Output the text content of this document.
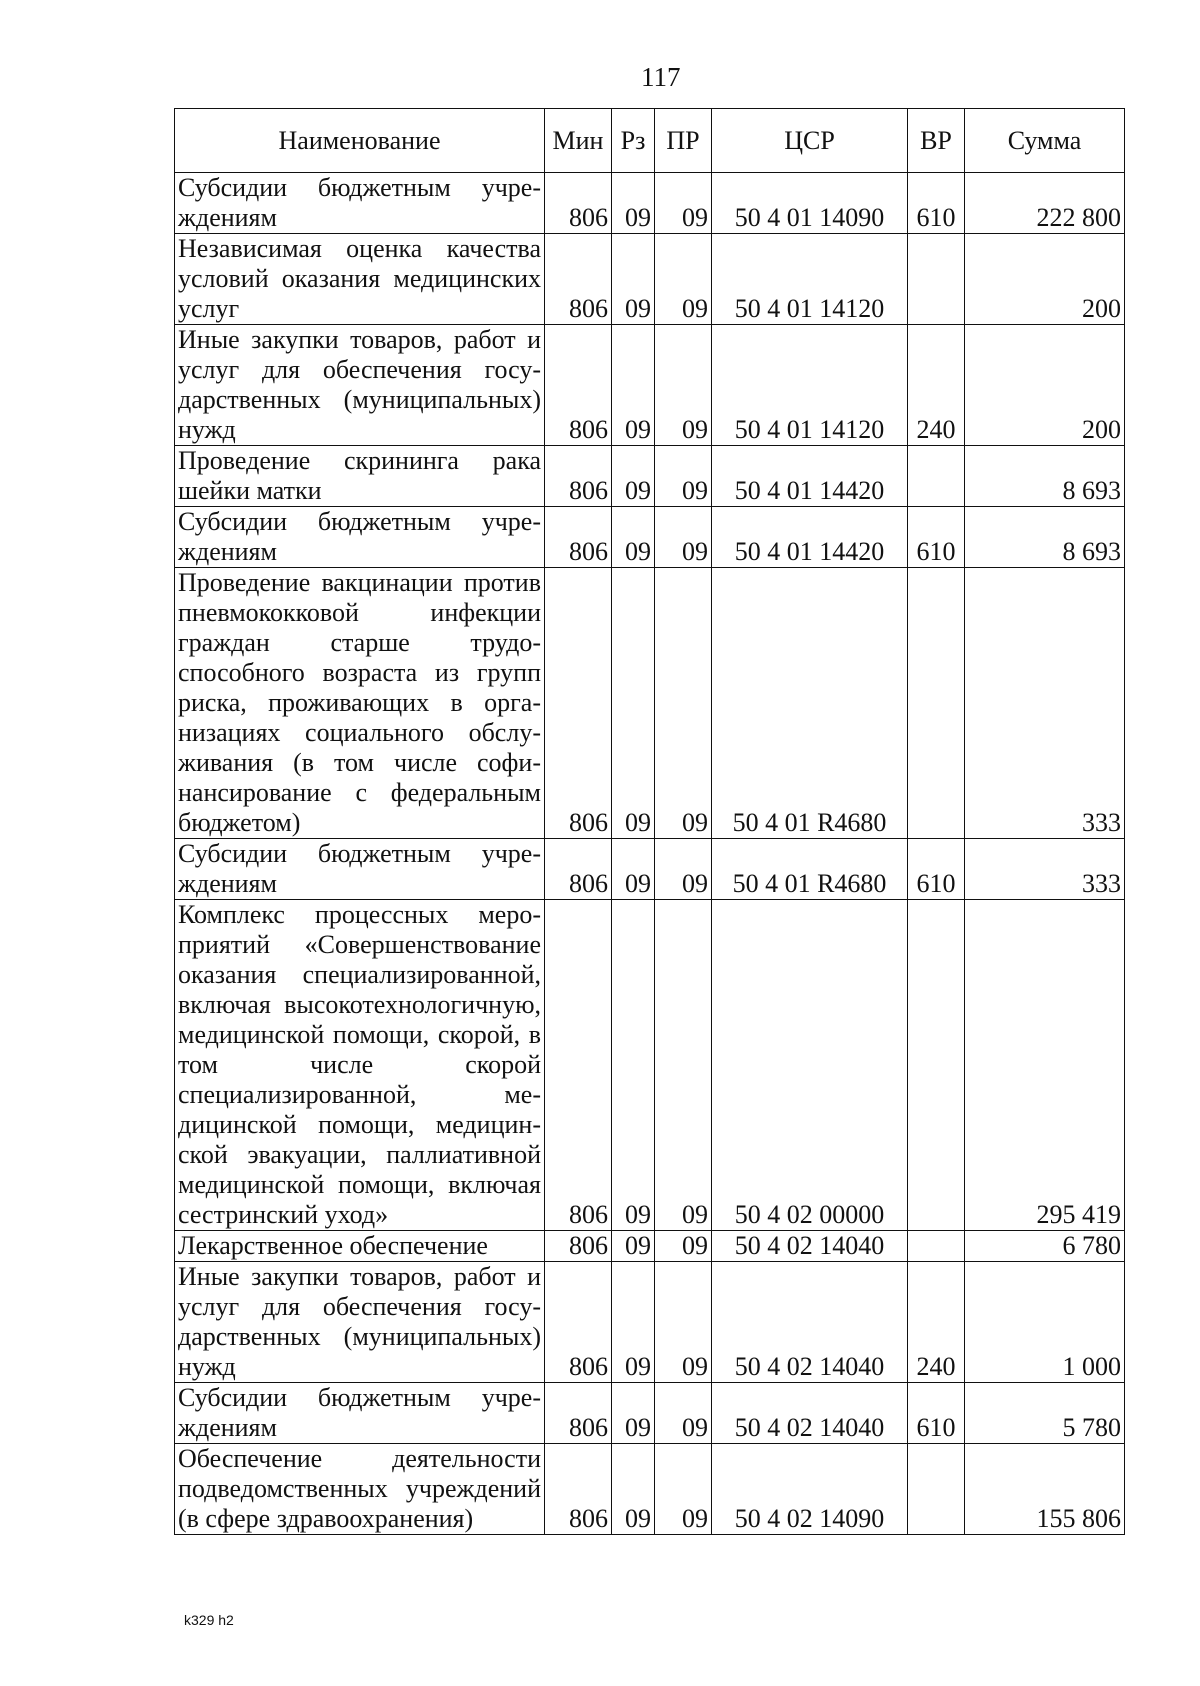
117
Наименование	Мин	Рз	ПР	ЦСР	ВР	Сумма
Субсидии бюджетным учреждениям	806	09	09	50 4 01 14090	610	222 800
Независимая оценка качества условий оказания медицинских услуг	806	09	09	50 4 01 14120		200
Иные закупки товаров, работ и услуг для обеспечения государственных (муниципальных) нужд	806	09	09	50 4 01 14120	240	200
Проведение скрининга рака шейки матки	806	09	09	50 4 01 14420		8 693
Субсидии бюджетным учреждениям	806	09	09	50 4 01 14420	610	8 693
Проведение вакцинации против пневмококковой инфекции граждан старше трудоспособного возраста из групп риска, проживающих в организациях социального обслуживания (в том числе софинансирование с федеральным бюджетом)	806	09	09	50 4 01 R4680		333
Субсидии бюджетным учреждениям	806	09	09	50 4 01 R4680	610	333
Комплекс процессных мероприятий «Совершенствование оказания специализированной, включая высокотехнологичную, медицинской помощи, скорой, в том числе скорой специализированной, медицинской помощи, медицинской эвакуации, паллиативной медицинской помощи, включая сестринский уход»	806	09	09	50 4 02 00000		295 419
Лекарственное обеспечение	806	09	09	50 4 02 14040		6 780
Иные закупки товаров, работ и услуг для обеспечения государственных (муниципальных) нужд	806	09	09	50 4 02 14040	240	1 000
Субсидии бюджетным учреждениям	806	09	09	50 4 02 14040	610	5 780
Обеспечение деятельности подведомственных учреждений (в сфере здравоохранения)	806	09	09	50 4 02 14090		155 806
k329 h2
